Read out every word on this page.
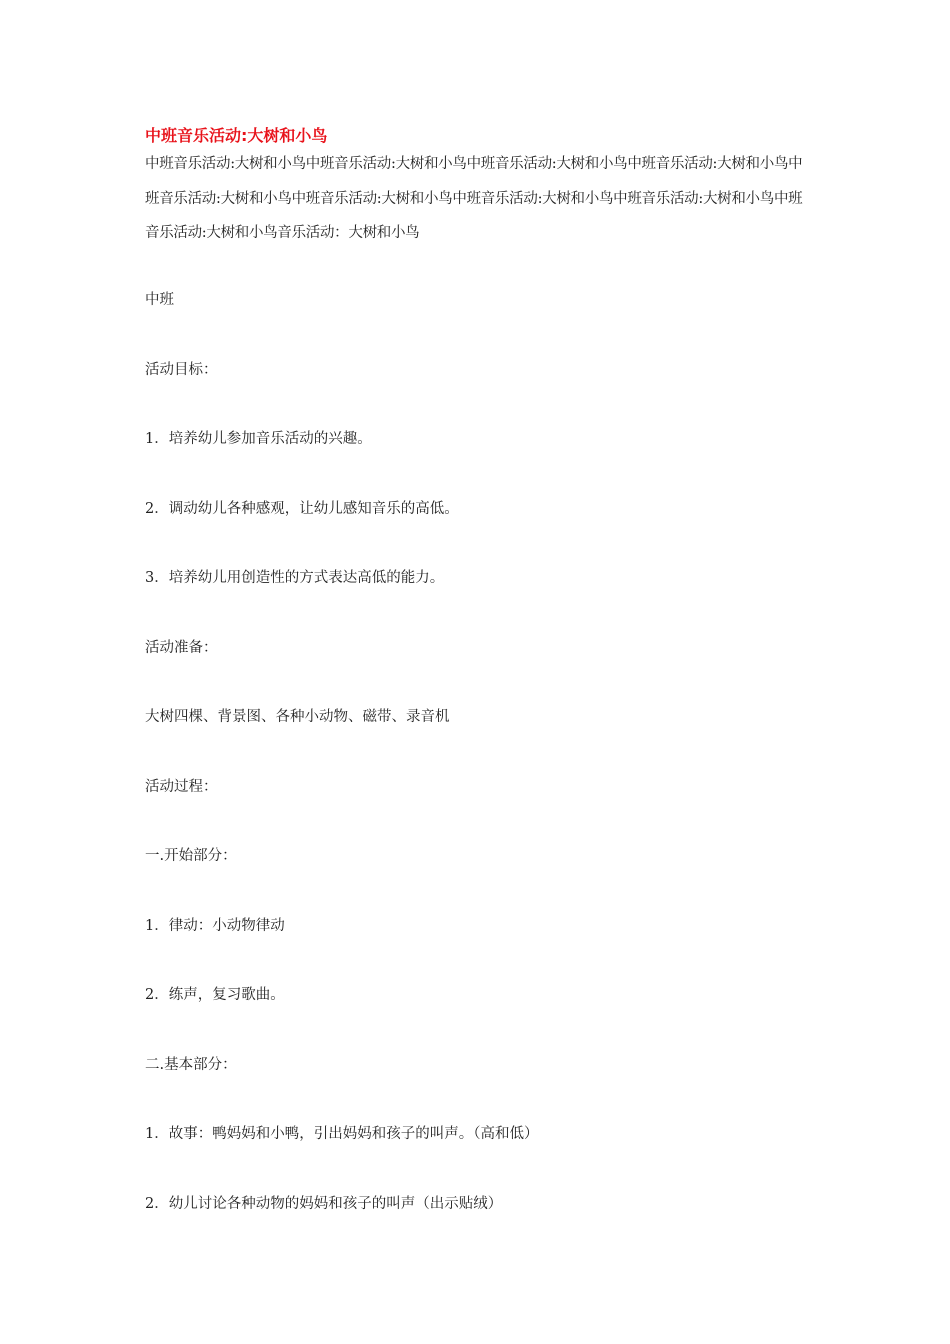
中班音乐活动:大树和小鸟

中班音乐活动:大树和小鸟中班音乐活动:大树和小鸟中班音乐活动:大树和小鸟中班音乐活动:大树和小鸟中班音乐活动:大树和小鸟中班音乐活动:大树和小鸟中班音乐活动:大树和小鸟中班音乐活动:大树和小鸟中班音乐活动:大树和小鸟音乐活动：大树和小鸟

中班
活动目标：
1．培养幼儿参加音乐活动的兴趣。
2．调动幼儿各种感观，让幼儿感知音乐的高低。
3．培养幼儿用创造性的方式表达高低的能力。
活动准备：
大树四棵、背景图、各种小动物、磁带、录音机
活动过程：
一.开始部分：
1．律动：小动物律动
2．练声，复习歌曲。
二.基本部分：
1．故事：鸭妈妈和小鸭，引出妈妈和孩子的叫声。（高和低）
2．幼儿讨论各种动物的妈妈和孩子的叫声（出示贴绒）
